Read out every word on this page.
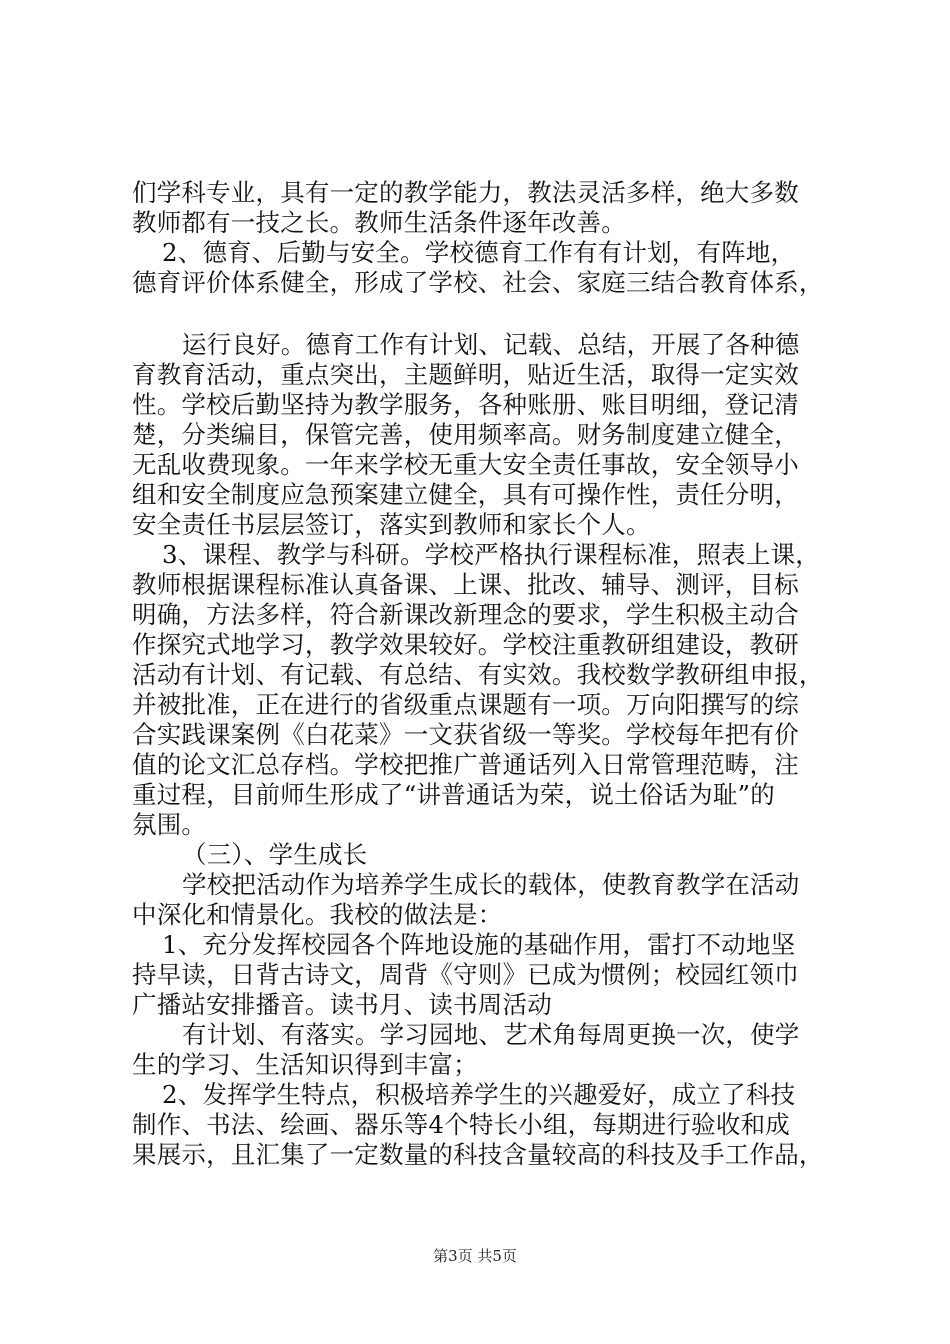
们学科专业，具有一定的教学能力，教法灵活多样，绝大多数
教师都有一技之长。教师生活条件逐年改善。
2、德育、后勤与安全。学校德育工作有有计划，有阵地，
德育评价体系健全，形成了学校、社会、家庭三结合教育体系，
运行良好。德育工作有计划、记载、总结，开展了各种德
育教育活动，重点突出，主题鲜明，贴近生活，取得一定实效
性。学校后勤坚持为教学服务，各种账册、账目明细，登记清
楚，分类编目，保管完善，使用频率高。财务制度建立健全，
无乱收费现象。一年来学校无重大安全责任事故，安全领导小
组和安全制度应急预案建立健全，具有可操作性，责任分明，
安全责任书层层签订，落实到教师和家长个人。
3、课程、教学与科研。学校严格执行课程标准，照表上课，
教师根据课程标准认真备课、上课、批改、辅导、测评，目标
明确，方法多样，符合新课改新理念的要求，学生积极主动合
作探究式地学习，教学效果较好。学校注重教研组建设，教研
活动有计划、有记载、有总结、有实效。我校数学教研组申报，
并被批准，正在进行的省级重点课题有一项。万向阳撰写的综
合实践课案例《白花菜》一文获省级一等奖。学校每年把有价
值的论文汇总存档。学校把推广普通话列入日常管理范畴，注
重过程，目前师生形成了“讲普通话为荣，说土俗话为耻”的
氛围。
（三）、学生成长
学校把活动作为培养学生成长的载体，使教育教学在活动
中深化和情景化。我校的做法是：
1、充分发挥校园各个阵地设施的基础作用，雷打不动地坚
持早读，日背古诗文，周背《守则》已成为惯例；校园红领巾
广播站安排播音。读书月、读书周活动
有计划、有落实。学习园地、艺术角每周更换一次，使学
生的学习、生活知识得到丰富；
2、发挥学生特点，积极培养学生的兴趣爱好，成立了科技
制作、书法、绘画、器乐等4个特长小组，每期进行验收和成
果展示，且汇集了一定数量的科技含量较高的科技及手工作品，
第3页 共5页
